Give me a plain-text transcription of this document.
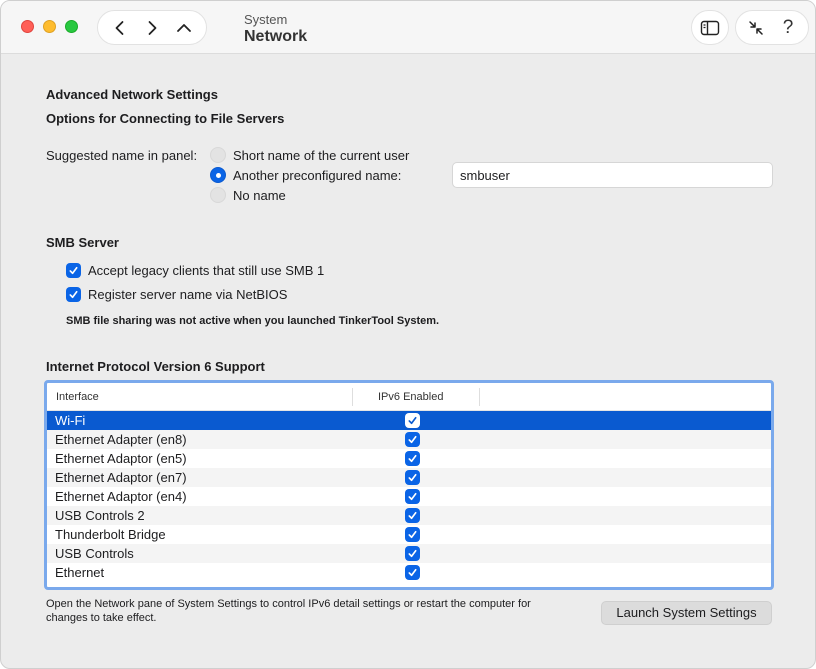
System
Network	?
Advanced Network Settings
Options for Connecting to File Servers
Suggested name in panel:	Short name of the current user
Another preconfigured name:
No name
smbuser
SMB Server
Accept legacy clients that still use SMB 1
Register server name via NetBIOS
SMB file sharing was not active when you launched TinkerTool System.
Internet Protocol Version 6 Support
Interface	IPv6 Enabled
Wi-Fi
Ethernet Adapter (en8)
Ethernet Adaptor (en5)
Ethernet Adaptor (en7)
Ethernet Adaptor (en4)
USB Controls 2
Thunderbolt Bridge
USB Controls
Ethernet
Open the Network pane of System Settings to control IPv6 detail settings or restart the computer for
changes to take effect.	Launch System Settings
